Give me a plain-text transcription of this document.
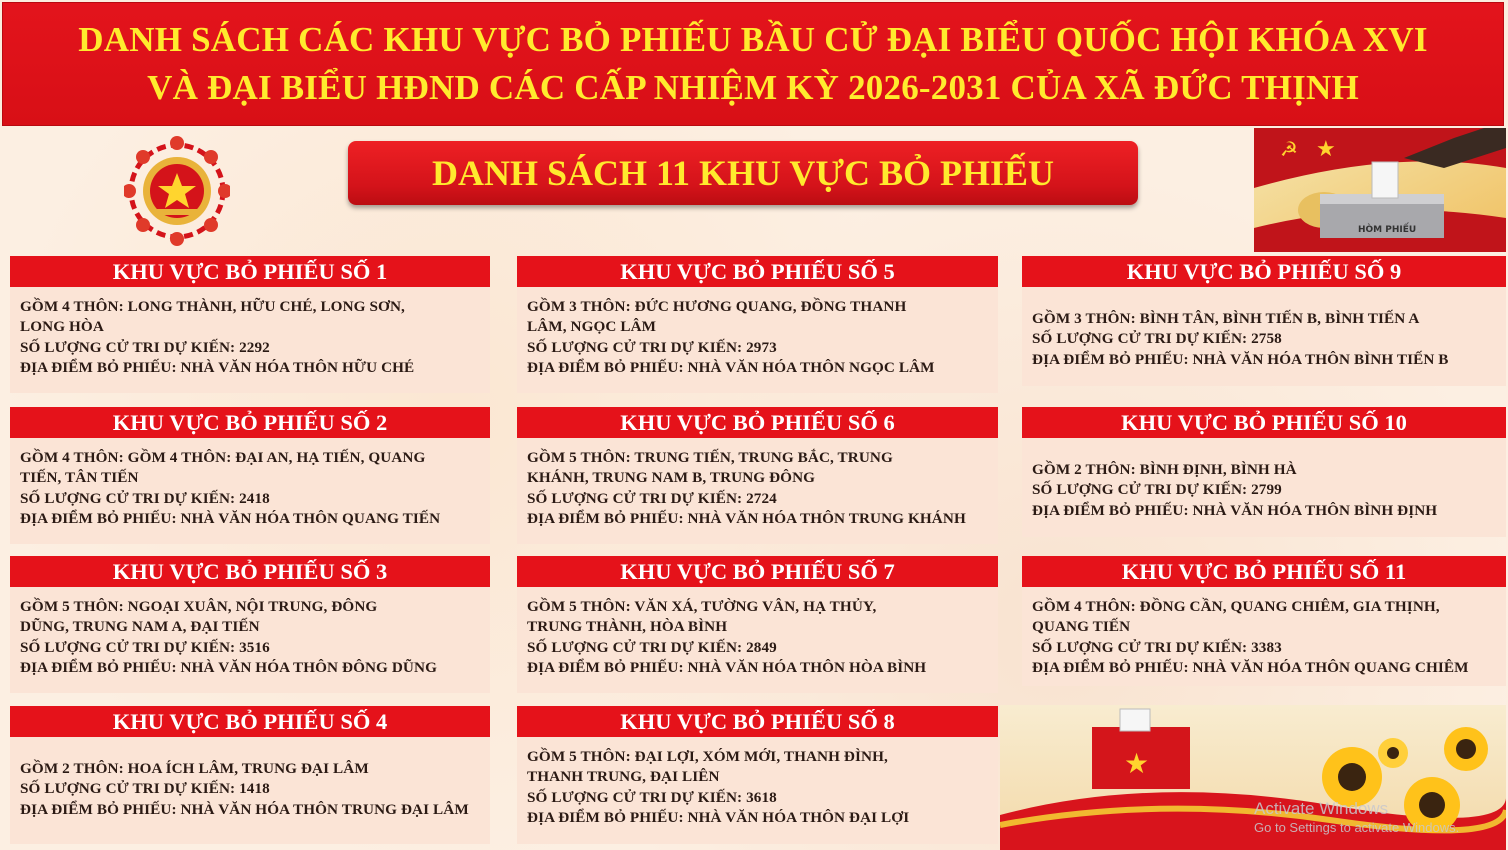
DANH SÁCH CÁC KHU VỰC BỎ PHIẾU BẦU CỬ ĐẠI BIỂU QUỐC HỘI KHÓA XVI
VÀ ĐẠI BIỂU HĐND CÁC CẤP NHIỆM KỲ 2026-2031 CỦA XÃ ĐỨC THỊNH
DANH SÁCH 11 KHU VỰC BỎ PHIẾU
☭ ★
HÒM PHIẾU
KHU VỰC BỎ PHIẾU SỐ 1
GỒM 4 THÔN: LONG THÀNH, HỮU CHÉ, LONG SƠN,
LONG HÒA
SỐ LƯỢNG CỬ TRI DỰ KIẾN: 2292
ĐỊA ĐIỂM BỎ PHIẾU: NHÀ VĂN HÓA THÔN HỮU CHÉ
KHU VỰC BỎ PHIẾU SỐ 2
GỒM 4 THÔN: GỒM 4 THÔN: ĐẠI AN, HẠ TIẾN, QUANG
TIẾN, TÂN TIẾN
SỐ LƯỢNG CỬ TRI DỰ KIẾN: 2418
ĐỊA ĐIỂM BỎ PHIẾU: NHÀ VĂN HÓA THÔN QUANG TIẾN
KHU VỰC BỎ PHIẾU SỐ 3
GỒM 5 THÔN: NGOẠI XUÂN, NỘI TRUNG, ĐÔNG
DŨNG, TRUNG NAM A, ĐẠI TIẾN
SỐ LƯỢNG CỬ TRI DỰ KIẾN: 3516
ĐỊA ĐIỂM BỎ PHIẾU: NHÀ VĂN HÓA THÔN ĐÔNG DŨNG
KHU VỰC BỎ PHIẾU SỐ 4
GỒM 2 THÔN: HOA ÍCH LÂM, TRUNG ĐẠI LÂM
SỐ LƯỢNG CỬ TRI DỰ KIẾN: 1418
ĐỊA ĐIỂM BỎ PHIẾU: NHÀ VĂN HÓA THÔN TRUNG ĐẠI LÂM
KHU VỰC BỎ PHIẾU SỐ 5
GỒM 3 THÔN: ĐỨC HƯƠNG QUANG, ĐỒNG THANH
LÂM, NGỌC LÂM
SỐ LƯỢNG CỬ TRI DỰ KIẾN: 2973
ĐỊA ĐIỂM BỎ PHIẾU: NHÀ VĂN HÓA THÔN NGỌC LÂM
KHU VỰC BỎ PHIẾU SỐ 6
GỒM 5 THÔN: TRUNG TIẾN, TRUNG BẮC, TRUNG
KHÁNH, TRUNG NAM B, TRUNG ĐÔNG
SỐ LƯỢNG CỬ TRI DỰ KIẾN: 2724
ĐỊA ĐIỂM BỎ PHIẾU: NHÀ VĂN HÓA THÔN TRUNG KHÁNH
KHU VỰC BỎ PHIẾU SỐ 7
GỒM 5 THÔN: VĂN XÁ, TƯỜNG VÂN, HẠ THỦY,
TRUNG THÀNH, HÒA BÌNH
SỐ LƯỢNG CỬ TRI DỰ KIẾN: 2849
ĐỊA ĐIỂM BỎ PHIẾU: NHÀ VĂN HÓA THÔN HÒA BÌNH
KHU VỰC BỎ PHIẾU SỐ 8
GỒM 5 THÔN: ĐẠI LỢI, XÓM MỚI, THANH ĐÌNH,
THANH TRUNG, ĐẠI LIÊN
SỐ LƯỢNG CỬ TRI DỰ KIẾN: 3618
ĐỊA ĐIỂM BỎ PHIẾU: NHÀ VĂN HÓA THÔN ĐẠI LỢI
KHU VỰC BỎ PHIẾU SỐ 9
GỒM 3 THÔN: BÌNH TÂN, BÌNH TIẾN B, BÌNH TIẾN A
SỐ LƯỢNG CỬ TRI DỰ KIẾN: 2758
ĐỊA ĐIỂM BỎ PHIẾU: NHÀ VĂN HÓA THÔN BÌNH TIẾN B
KHU VỰC BỎ PHIẾU SỐ 10
GỒM 2 THÔN: BÌNH ĐỊNH, BÌNH HÀ
SỐ LƯỢNG CỬ TRI DỰ KIẾN: 2799
ĐỊA ĐIỂM BỎ PHIẾU: NHÀ VĂN HÓA THÔN BÌNH ĐỊNH
KHU VỰC BỎ PHIẾU SỐ 11
GỒM 4 THÔN: ĐỒNG CẦN, QUANG CHIÊM, GIA THỊNH,
QUANG TIẾN
SỐ LƯỢNG CỬ TRI DỰ KIẾN: 3383
ĐỊA ĐIỂM BỎ PHIẾU: NHÀ VĂN HÓA THÔN QUANG CHIÊM
★
Activate Windows
Go to Settings to activate Windows.
